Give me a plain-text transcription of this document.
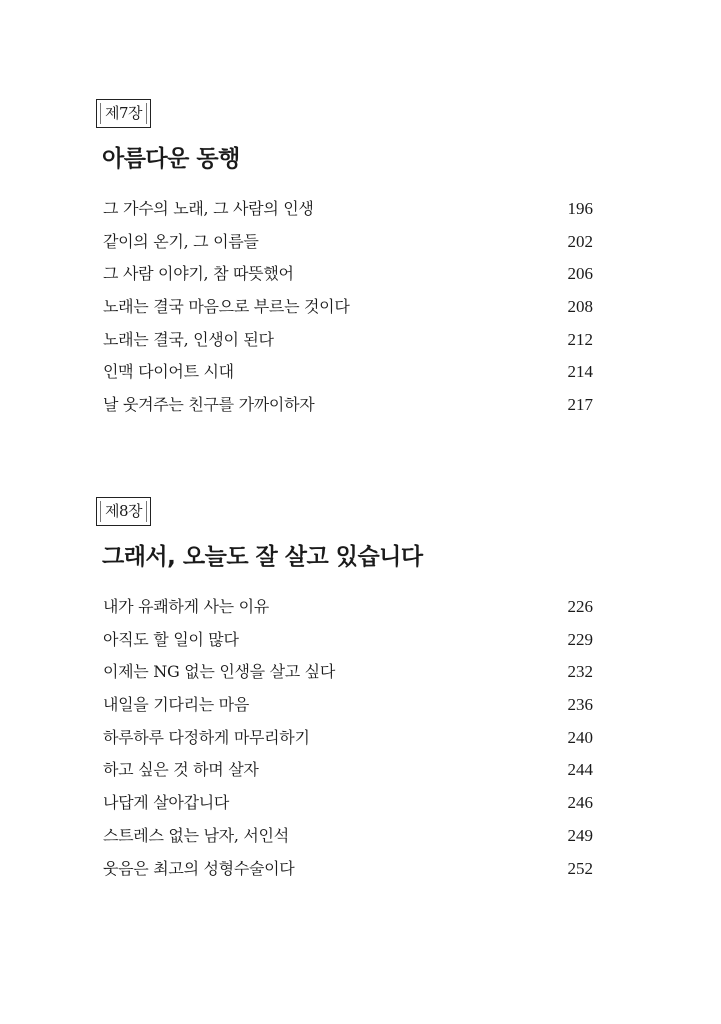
제7장
아름다운 동행
그 가수의 노래, 그 사람의 인생	196
같이의 온기, 그 이름들	202
그 사람 이야기, 참 따뜻했어	206
노래는 결국 마음으로 부르는 것이다	208
노래는 결국, 인생이 된다	212
인맥 다이어트 시대	214
날 웃겨주는 친구를 가까이하자	217
제8장
그래서, 오늘도 잘 살고 있습니다
내가 유쾌하게 사는 이유	226
아직도 할 일이 많다	229
이제는 NG 없는 인생을 살고 싶다	232
내일을 기다리는 마음	236
하루하루 다정하게 마무리하기	240
하고 싶은 것 하며 살자	244
나답게 살아갑니다	246
스트레스 없는 남자, 서인석	249
웃음은 최고의 성형수술이다	252
